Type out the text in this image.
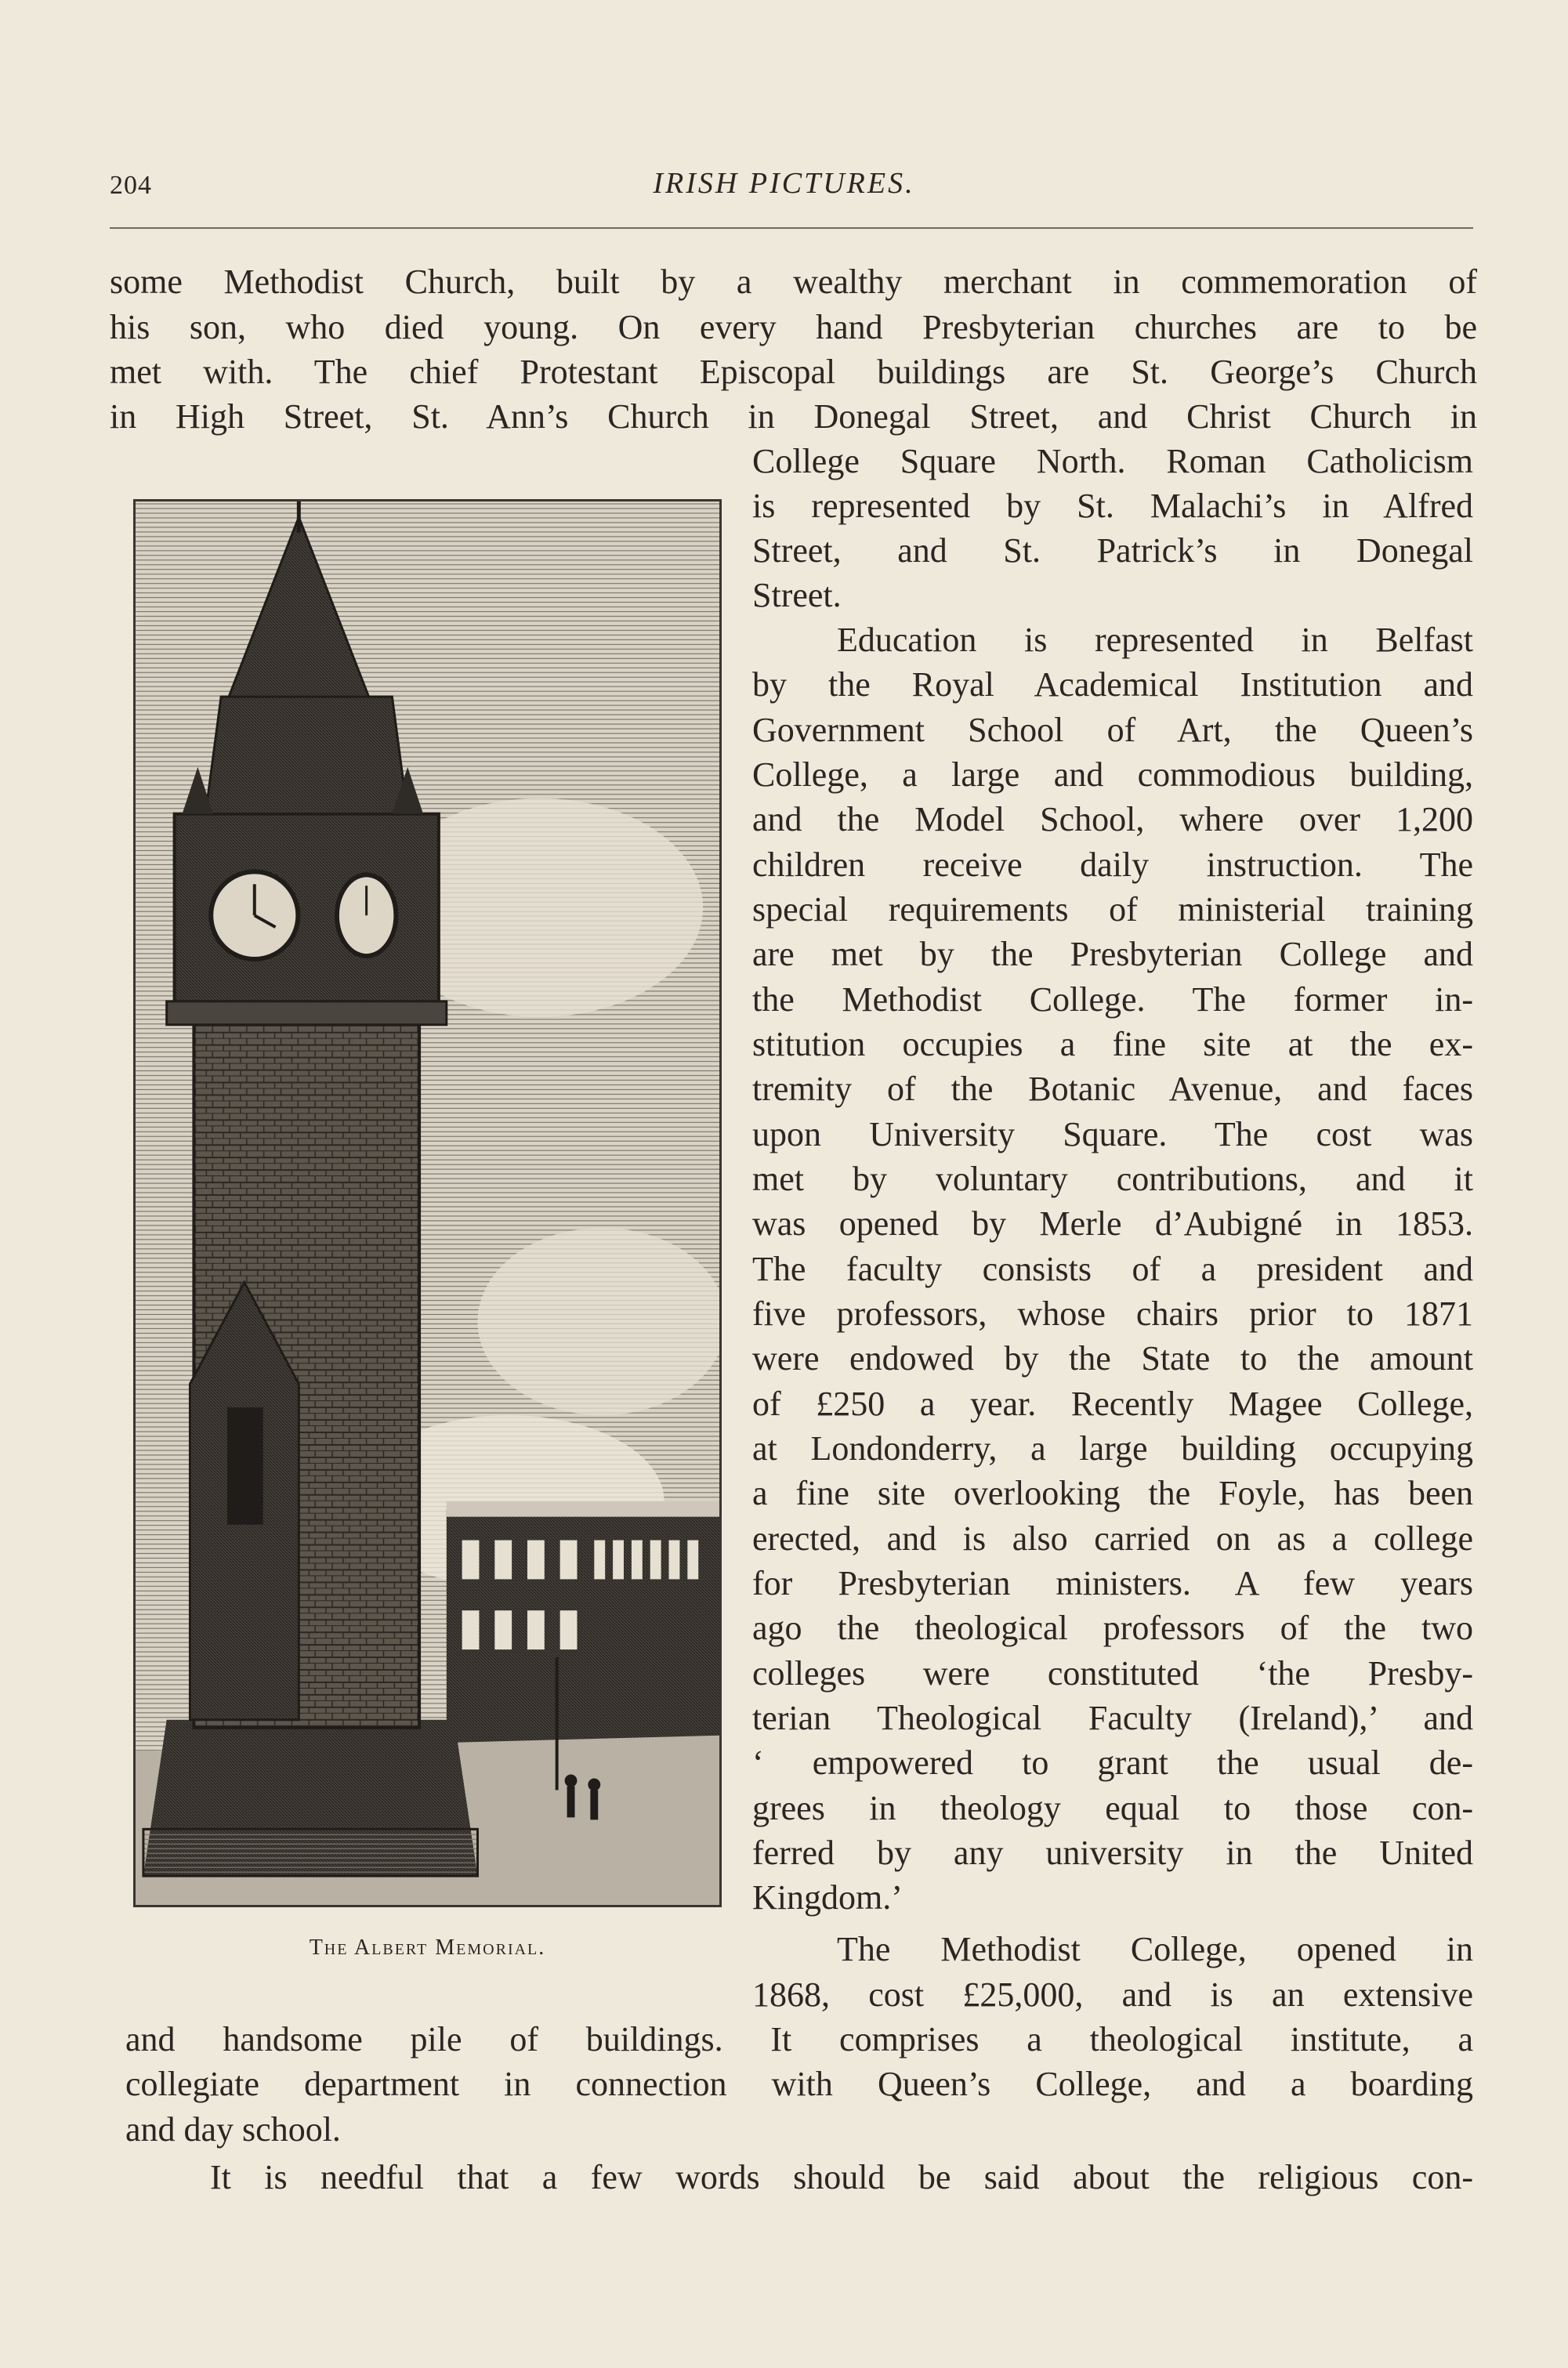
204	IRISH PICTURES.
some Methodist Church, built by a wealthy merchant in commemoration of
his son, who died young. On every hand Presbyterian churches are to be
met with. The chief Protestant Episcopal buildings are St. George’s Church
in High Street, St. Ann’s Church in Donegal Street, and Christ Church in
College Square North. Roman Catholicism
is represented by St. Malachi’s in Alfred
Street, and St. Patrick’s in Donegal
Street.
Education is represented in Belfast
by the Royal Academical Institution and
Government School of Art, the Queen’s
College, a large and commodious building,
and the Model School, where over 1,200
children receive daily instruction. The
special requirements of ministerial training
are met by the Presbyterian College and
the Methodist College. The former in-
stitution occupies a fine site at the ex-
tremity of the Botanic Avenue, and faces
upon University Square. The cost was
met by voluntary contributions, and it
was opened by Merle d’Aubigné in 1853.
The faculty consists of a president and
five professors, whose chairs prior to 1871
were endowed by the State to the amount
of £250 a year. Recently Magee College,
at Londonderry, a large building occupying
a fine site overlooking the Foyle, has been
erected, and is also carried on as a college
for Presbyterian ministers. A few years
ago the theological professors of the two
colleges were constituted ‘the Presby-
terian Theological Faculty (Ireland),’ and
‘ empowered to grant the usual de-
grees in theology equal to those con-
ferred by any university in the United
Kingdom.’
The Methodist College, opened in
1868, cost £25,000, and is an extensive
and handsome pile of buildings. It comprises a theological institute, a
collegiate department in connection with Queen’s College, and a boarding
and day school.
It is needful that a few words should be said about the religious con-
The Albert Memorial.
